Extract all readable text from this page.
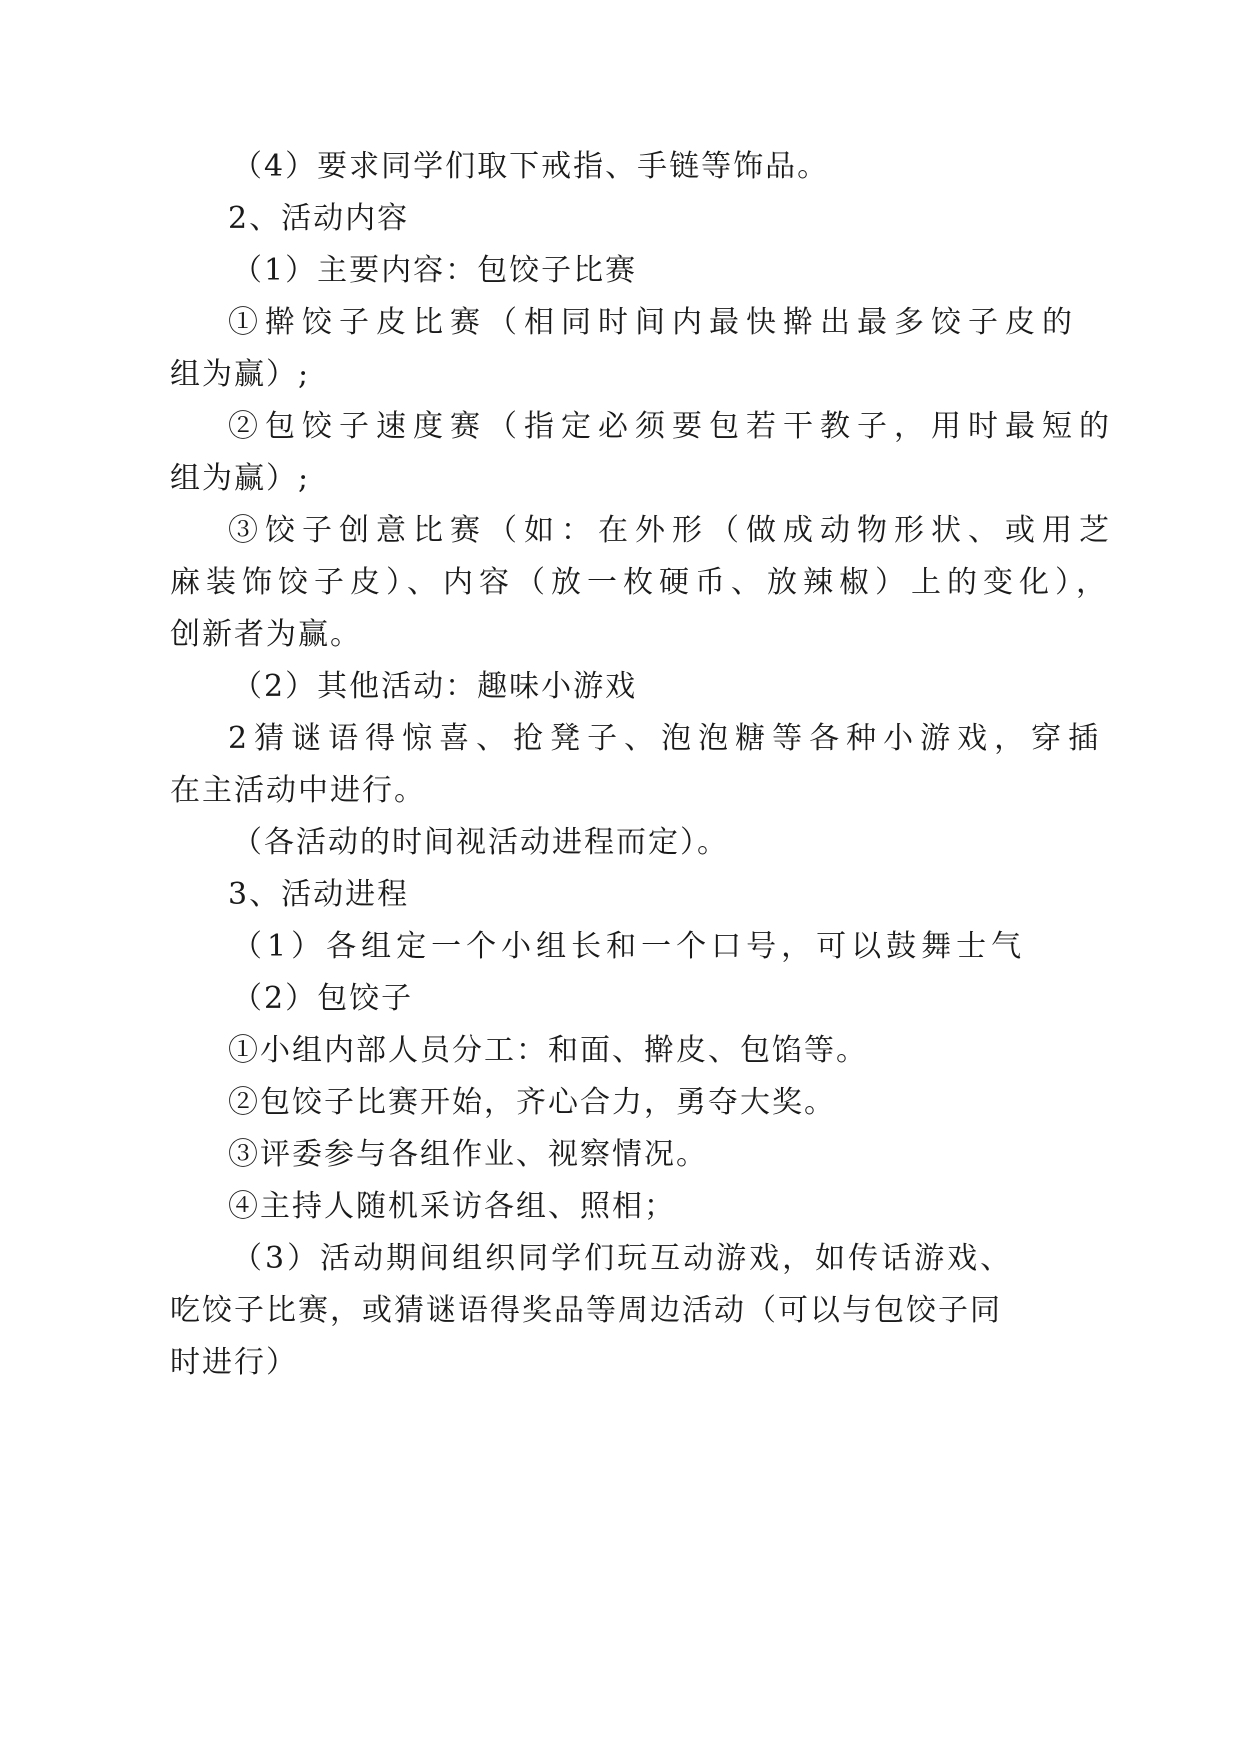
（4）要求同学们取下戒指、手链等饰品。
2、活动内容
（1）主要内容：包饺子比赛
①擀饺子皮比赛（相同时间内最快擀出最多饺子皮的
组为赢）;
②包饺子速度赛（指定必须要包若干教子，用时最短的
组为赢）;
③饺子创意比赛（如：在外形（做成动物形状、或用芝
麻装饰饺子皮）、内容（放一枚硬币、放辣椒）上的变化），
创新者为赢。
（2）其他活动：趣味小游戏
2猜谜语得惊喜、抢凳子、泡泡糖等各种小游戏，穿插
在主活动中进行。
（各活动的时间视活动进程而定）。
3、活动进程
（1）各组定一个小组长和一个口号，可以鼓舞士气
（2）包饺子
①小组内部人员分工：和面、擀皮、包馅等。
②包饺子比赛开始，齐心合力，勇夺大奖。
③评委参与各组作业、视察情况。
④主持人随机采访各组、照相；
（3）活动期间组织同学们玩互动游戏，如传话游戏、
吃饺子比赛，或猜谜语得奖品等周边活动（可以与包饺子同
时进行）
